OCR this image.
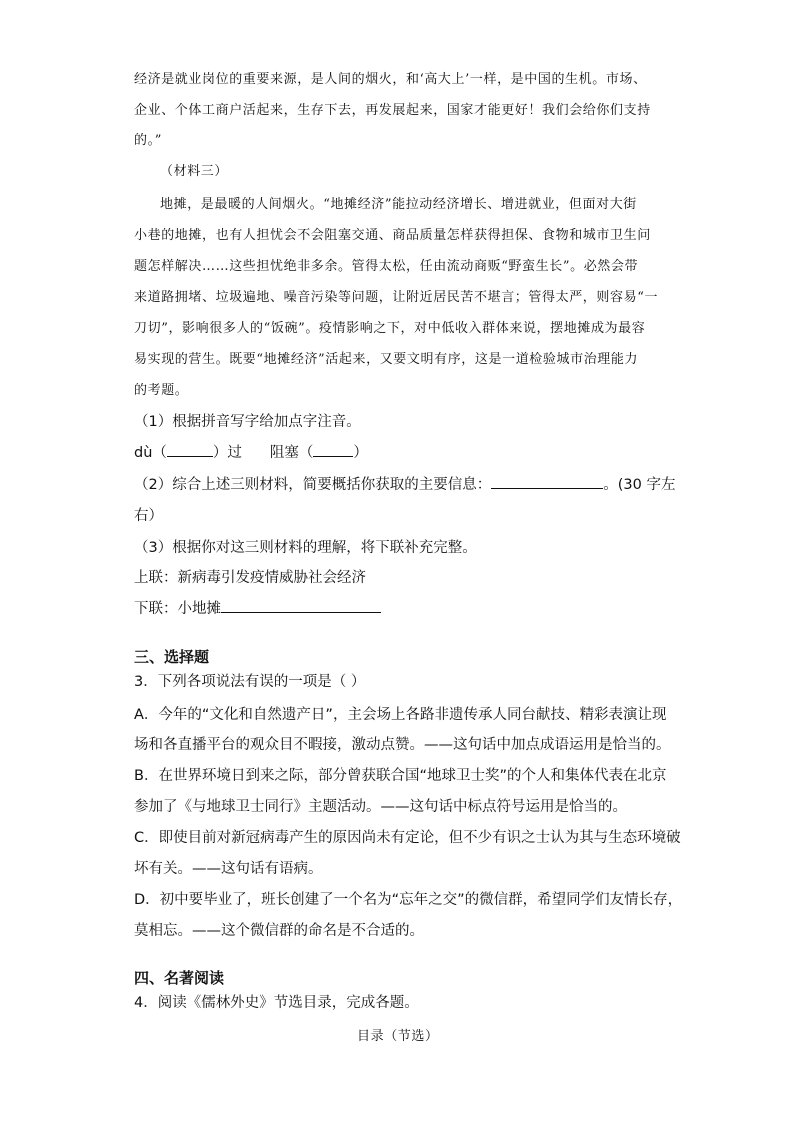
经济是就业岗位的重要来源，是人间的烟火，和‘高大上’一样，是中国的生机。市场、
企业、个体工商户活起来，生存下去，再发展起来，国家才能更好！我们会给你们支持
的。”
（材料三）
地摊，是最暖的人间烟火。“地摊经济”能拉动经济增长、增进就业，但面对大街
小巷的地摊，也有人担忧会不会阻塞交通、商品质量怎样获得担保、食物和城市卫生问
题怎样解决……这些担忧绝非多余。管得太松，任由流动商贩“野蛮生长”。必然会带
来道路拥堵、垃圾遍地、噪音污染等问题，让附近居民苦不堪言；管得太严，则容易“一
刀切”，影响很多人的“饭碗”。疫情影响之下，对中低收入群体来说，摆地摊成为最容
易实现的营生。既要“地摊经济”活起来，又要文明有序，这是一道检验城市治理能力
的考题。
（1）根据拼音写字给加点字注音。
dù（	）过 阻塞（	）
（2）综合上述三则材料，简要概括你获取的主要信息：	。(30 字左
右）
（3）根据你对这三则材料的理解，将下联补充完整。
上联：新病毒引发疫情威胁社会经济
下联：小地摊
三、选择题
3．下列各项说法有误的一项是（ ）
A．今年的“文化和自然遗产日”，主会场上各路非遗传承人同台献技、精彩表演让现
场和各直播平台的观众目不暇接，激动点赞。——这句话中加点成语运用是恰当的。
B．在世界环境日到来之际，部分曾获联合国“地球卫士奖”的个人和集体代表在北京
参加了《与地球卫士同行》主题活动。——这句话中标点符号运用是恰当的。
C．即使目前对新冠病毒产生的原因尚未有定论，但不少有识之士认为其与生态环境破
坏有关。——这句话有语病。
D．初中要毕业了，班长创建了一个名为“忘年之交”的微信群，希望同学们友情长存，
莫相忘。——这个微信群的命名是不合适的。
四、名著阅读
4．阅读《儒林外史》节选目录，完成各题。
目录（节选）
